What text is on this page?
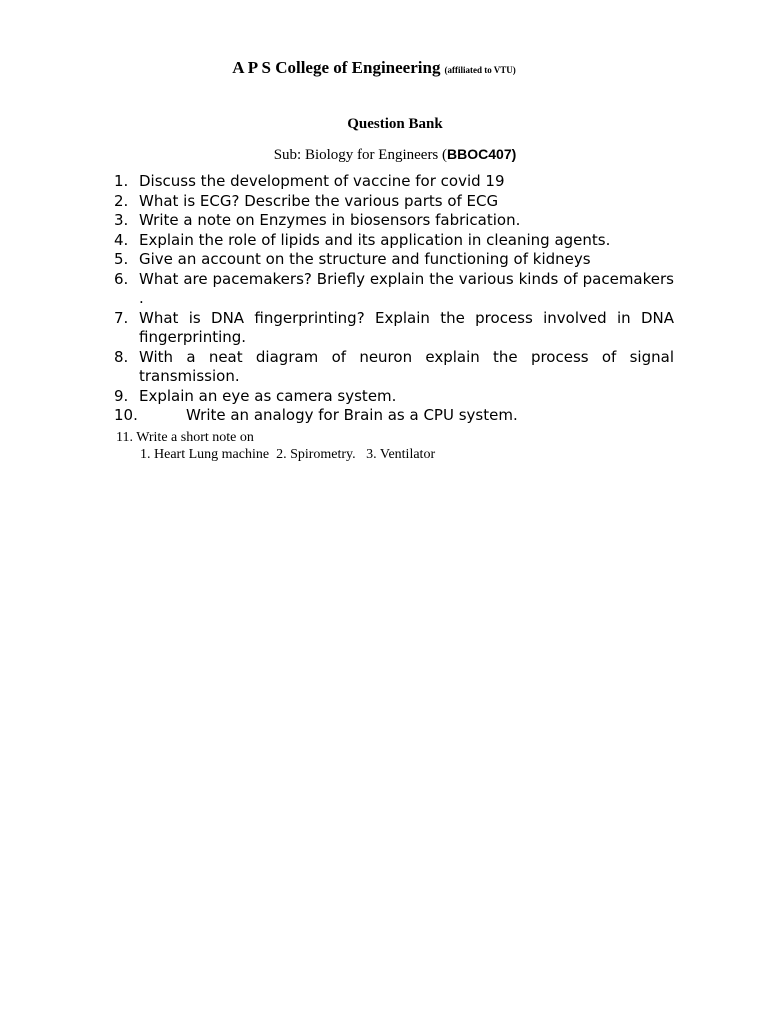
A P S College of Engineering (affiliated to VTU)
Question Bank
Sub: Biology for Engineers (BBOC407)
1. Discuss the development of vaccine for covid 19
2. What is ECG? Describe the various parts of ECG
3. Write a note on Enzymes in biosensors fabrication.
4. Explain the role of lipids and its application in cleaning agents.
5. Give an account on the structure and functioning of kidneys
6. What are pacemakers? Briefly explain the various kinds of pacemakers .
7. What is DNA fingerprinting? Explain the process involved in DNA fingerprinting.
8. With a neat diagram of neuron explain the process of signal transmission.
9. Explain an eye as camera system.
10.	Write an analogy for Brain as a CPU system.
11. Write a short note on
1. Heart Lung machine  2. Spirometry.   3. Ventilator
